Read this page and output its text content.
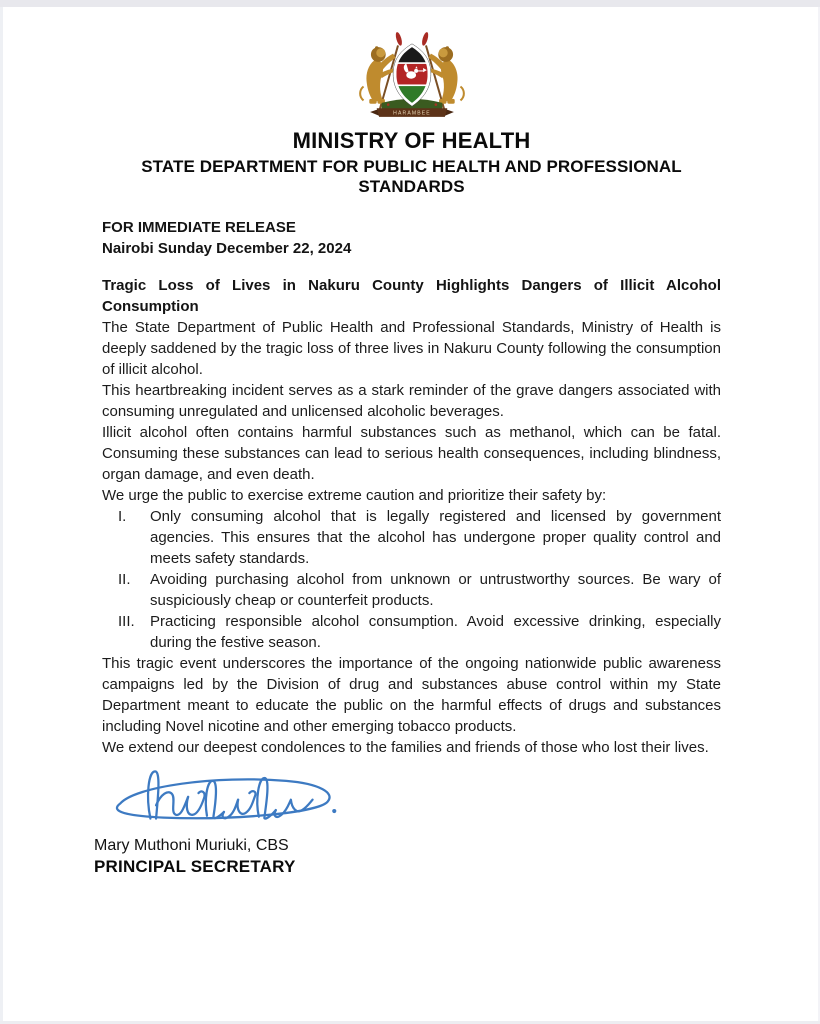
HARAMBEE
MINISTRY OF HEALTH
STATE DEPARTMENT FOR PUBLIC HEALTH AND PROFESSIONAL STANDARDS
FOR IMMEDIATE RELEASE
Nairobi Sunday December 22, 2024
Tragic Loss of Lives in Nakuru County Highlights Dangers of Illicit Alcohol Consumption

The State Department of Public Health and Professional Standards, Ministry of Health is deeply saddened by the tragic loss of three lives in Nakuru County following the consumption of illicit alcohol.

This heartbreaking incident serves as a stark reminder of the grave dangers associated with consuming unregulated and unlicensed alcoholic beverages.

Illicit alcohol often contains harmful substances such as methanol, which can be fatal. Consuming these substances can lead to serious health consequences, including blindness, organ damage, and even death.

We urge the public to exercise extreme caution and prioritize their safety by:

I.	Only consuming alcohol that is legally registered and licensed by government agencies. This ensures that the alcohol has undergone proper quality control and meets safety standards.
II.	Avoiding purchasing alcohol from unknown or untrustworthy sources. Be wary of suspiciously cheap or counterfeit products.
III.	Practicing responsible alcohol consumption. Avoid excessive drinking, especially during the festive season.

This tragic event underscores the importance of the ongoing nationwide public awareness campaigns led by the Division of drug and substances abuse control within my State Department meant to educate the public on the harmful effects of drugs and substances including Novel nicotine and other emerging tobacco products.

We extend our deepest condolences to the families and friends of those who lost their lives.

Mary Muthoni Muriuki, CBS
PRINCIPAL SECRETARY
